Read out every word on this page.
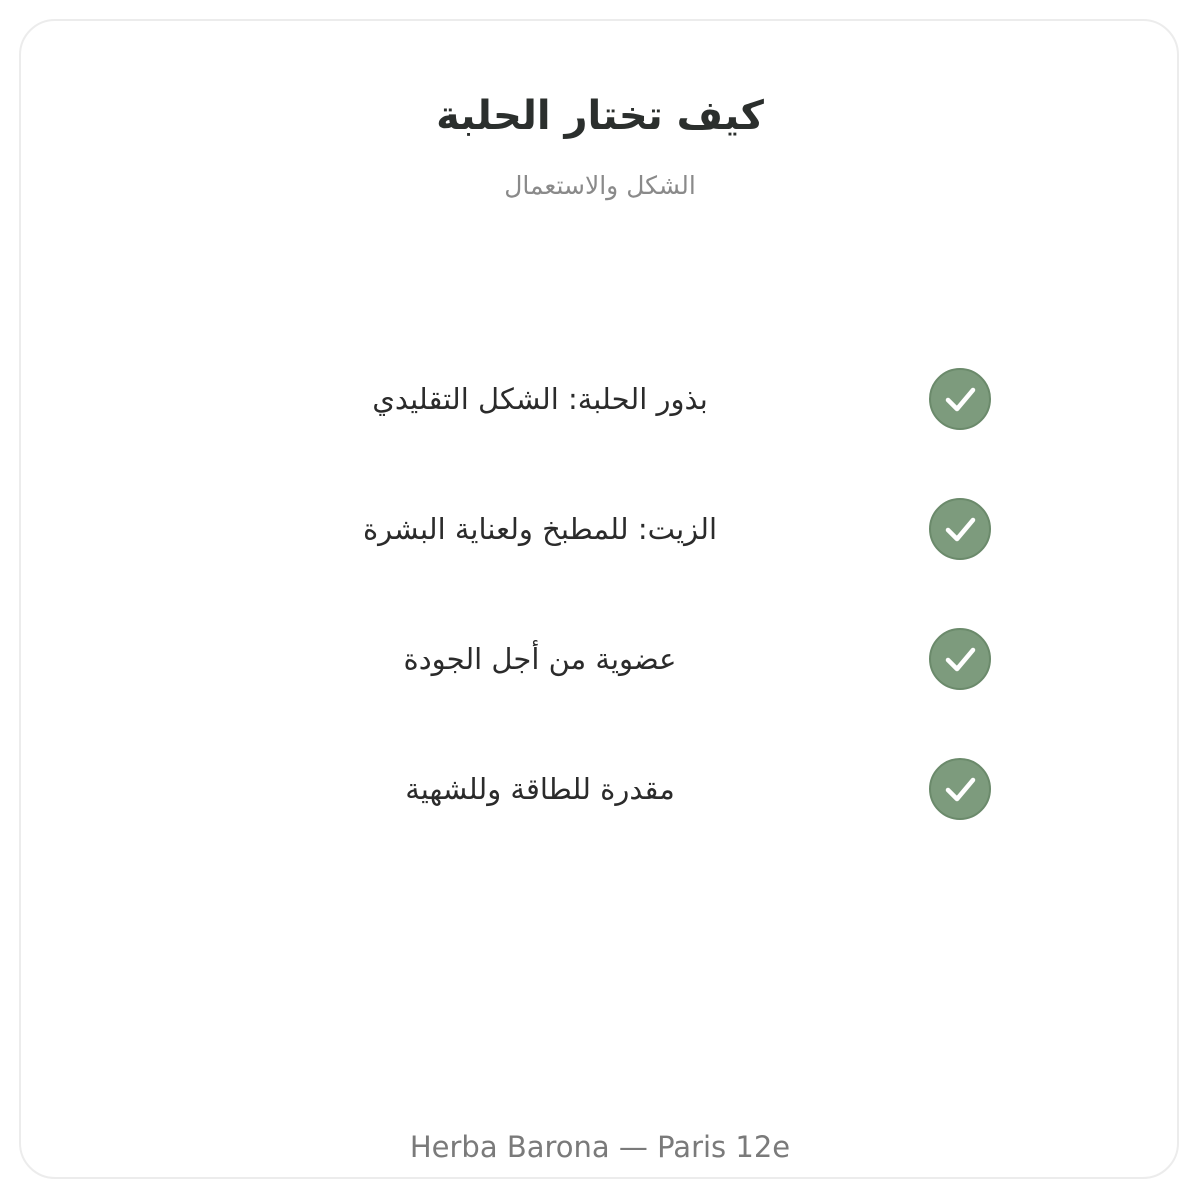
كيف تختار الحلبة
الشكل والاستعمال
بذور الحلبة: الشكل التقليدي
الزيت: للمطبخ ولعناية البشرة
عضوية من أجل الجودة
مقدرة للطاقة وللشهية
Herba Barona — Paris 12e
